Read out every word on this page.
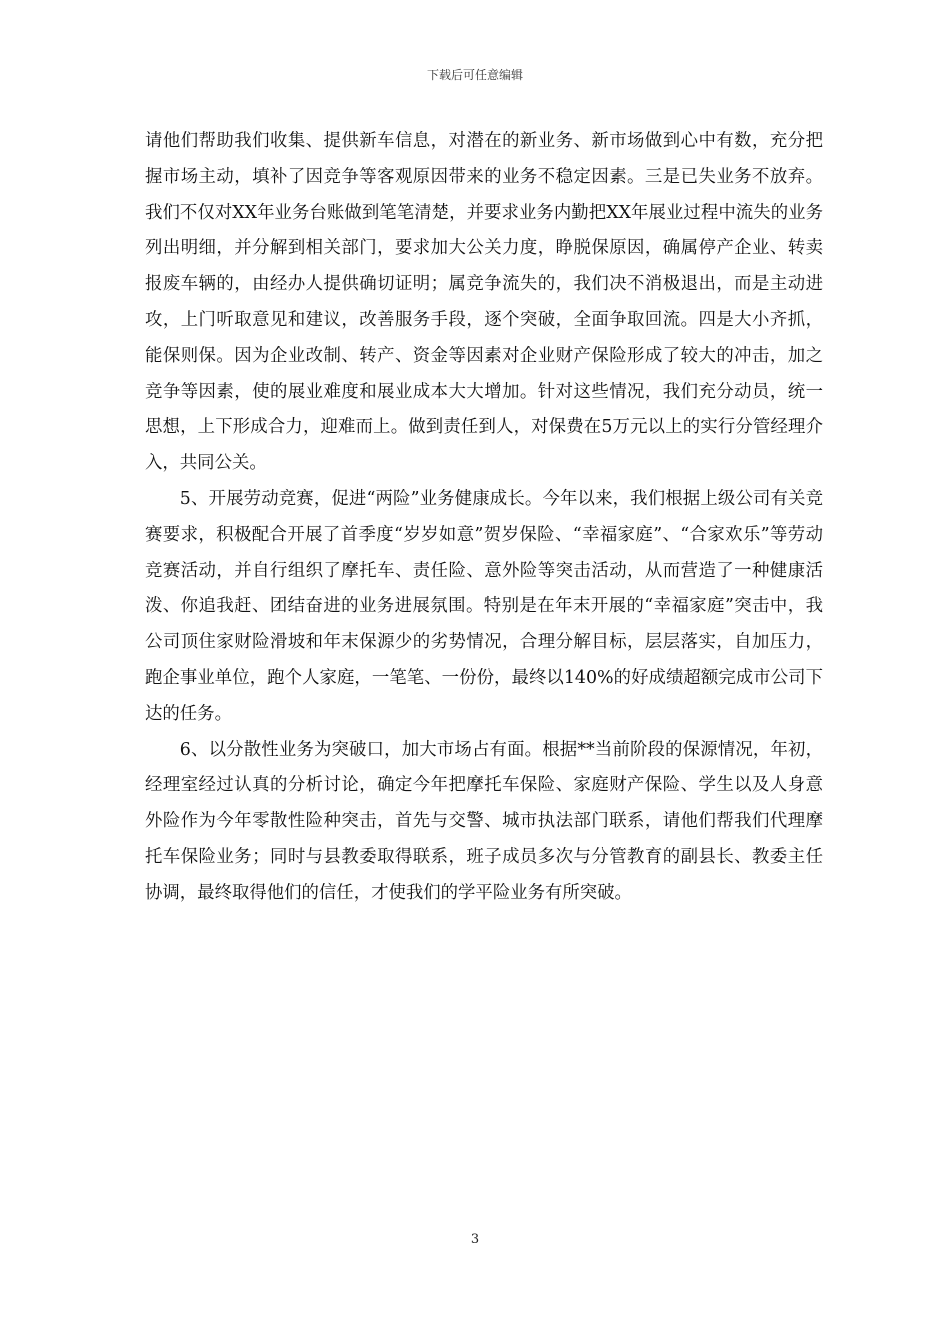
下载后可任意编辑

请他们帮助我们收集、提供新车信息，对潜在的新业务、新市场做到心中有数，充分把握市场主动，填补了因竞争等客观原因带来的业务不稳定因素。三是已失业务不放弃。我们不仅对XX年业务台账做到笔笔清楚，并要求业务内勤把XX年展业过程中流失的业务列出明细，并分解到相关部门，要求加大公关力度，睁脱保原因，确属停产企业、转卖报废车辆的，由经办人提供确切证明；属竞争流失的，我们决不消极退出，而是主动进攻，上门听取意见和建议，改善服务手段，逐个突破，全面争取回流。四是大小齐抓，能保则保。因为企业改制、转产、资金等因素对企业财产保险形成了较大的冲击，加之竞争等因素，使的展业难度和展业成本大大增加。针对这些情况，我们充分动员，统一思想，上下形成合力，迎难而上。做到责任到人，对保费在5万元以上的实行分管经理介入，共同公关。

5、开展劳动竞赛，促进“两险”业务健康成长。今年以来，我们根据上级公司有关竞赛要求，积极配合开展了首季度“岁岁如意”贺岁保险、“幸福家庭”、“合家欢乐”等劳动竞赛活动，并自行组织了摩托车、责任险、意外险等突击活动，从而营造了一种健康活泼、你追我赶、团结奋进的业务进展氛围。特别是在年末开展的“幸福家庭”突击中，我公司顶住家财险滑坡和年末保源少的劣势情况，合理分解目标，层层落实，自加压力，跑企事业单位，跑个人家庭，一笔笔、一份份，最终以140%的好成绩超额完成市公司下达的任务。

6、以分散性业务为突破口，加大市场占有面。根据**当前阶段的保源情况，年初，经理室经过认真的分析讨论，确定今年把摩托车保险、家庭财产保险、学生以及人身意外险作为今年零散性险种突击，首先与交警、城市执法部门联系，请他们帮我们代理摩托车保险业务；同时与县教委取得联系，班子成员多次与分管教育的副县长、教委主任协调，最终取得他们的信任，才使我们的学平险业务有所突破。

3
